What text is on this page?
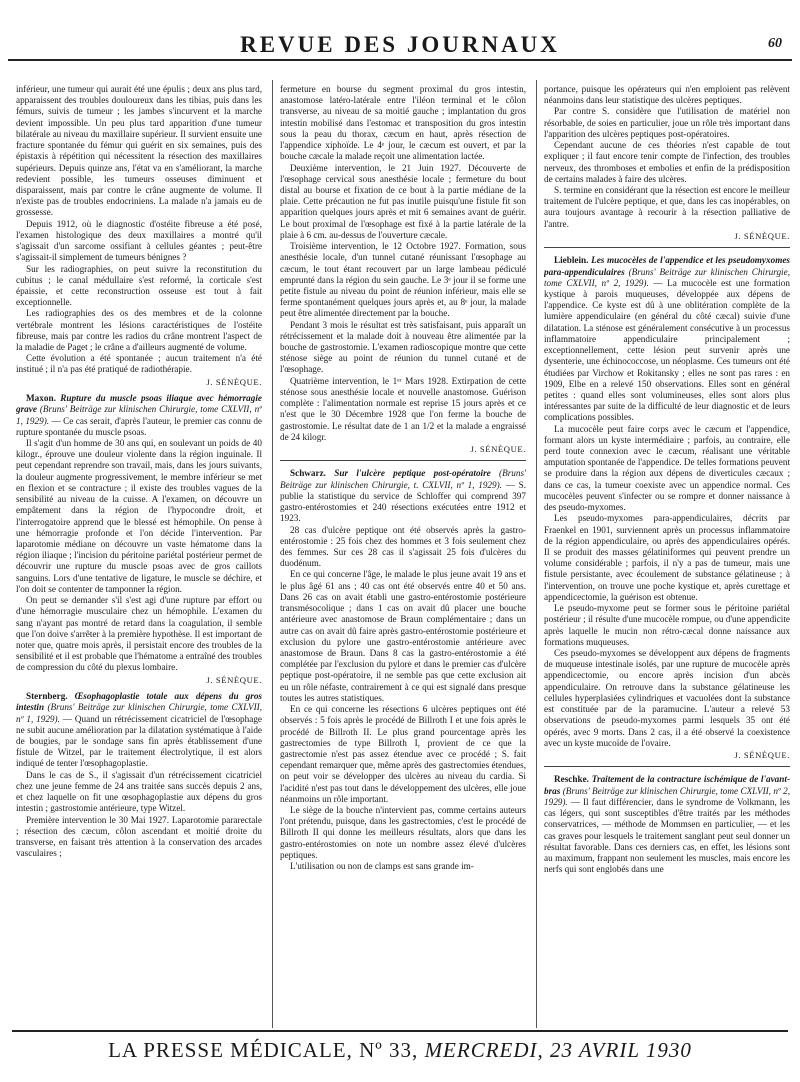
REVUE DES JOURNAUX	60

inférieur, une tumeur qui aurait été une épulis ; deux ans plus tard, apparaissent des troubles douloureux dans les tibias, puis dans les fémurs, suivis de tumeur ; les jambes s'incurvent et la marche devient impossible. Un peu plus tard apparition d'une tumeur bilatérale au niveau du maxillaire supérieur. Il survient ensuite une fracture spontanée du fémur qui guérit en six semaines, puis des épistaxis à répétition qui nécessitent la résection des maxillaires supérieurs. Depuis quinze ans, l'état va en s'améliorant, la marche redevient possible, les tumeurs osseuses diminuent et disparaissent, mais par contre le crâne augmente de volume. Il n'existe pas de troubles endocriniens. La malade n'a jamais eu de grossesse.

Depuis 1912, où le diagnostic d'ostéite fibreuse a été posé, l'examen histologique des deux maxillaires a montré qu'il s'agissait d'un sarcome ossifiant à cellules géantes ; peut-être s'agissait-il simplement de tumeurs bénignes ?

Sur les radiographies, on peut suivre la reconstitution du cubitus ; le canal médullaire s'est reformé, la corticale s'est épaissie, et cette reconstruction osseuse est tout à fait exceptionnelle.

Les radiographies des os des membres et de la colonne vertébrale montrent les lésions caractéristiques de l'ostéite fibreuse, mais par contre les radios du crâne montrent l'aspect de la maladie de Paget ; le crâne a d'ailleurs augmenté de volume.

Cette évolution a été spontanée ; aucun traitement n'a été institué ; il n'a pas été pratiqué de radiothérapie.

J. SÉNÈQUE.

Maxon. Rupture du muscle psoas iliaque avec hémorragie grave (Bruns' Beiträge zur klinischen Chirurgie, tome CXLVII, nº 1, 1929). — Ce cas serait, d'après l'auteur, le premier cas connu de rupture spontanée du muscle psoas.

Il s'agit d'un homme de 30 ans qui, en soulevant un poids de 40 kilogr., éprouve une douleur violente dans la région inguinale. Il peut cependant reprendre son travail, mais, dans les jours suivants, la douleur augmente progressivement, le membre inférieur se met en flexion et se contracture ; il existe des troubles vagues de la sensibilité au niveau de la cuisse. A l'examen, on découvre un empâtement dans la région de l'hypocondre droit, et l'interrogatoire apprend que le blessé est hémophile. On pense à une hémorragie profonde et l'on décide l'intervention. Par laparotomie médiane on découvre un vaste hématome dans la région iliaque ; l'incision du péritoine pariétal postérieur permet de découvrir une rupture du muscle psoas avec de gros caillots sanguins. Lors d'une tentative de ligature, le muscle se déchire, et l'on doit se contenter de tamponner la région.

On peut se demander s'il s'est agi d'une rupture par effort ou d'une hémorragie musculaire chez un hémophile. L'examen du sang n'ayant pas montré de retard dans la coagulation, il semble que l'on doive s'arrêter à la première hypothèse. Il est important de noter que, quatre mois après, il persistait encore des troubles de la sensibilité et il est probable que l'hématome a entraîné des troubles de compression du côté du plexus lombaire.

J. SÉNÈQUE.

Sternberg. Œsophagoplastie totale aux dépens du gros intestin (Bruns' Beiträge zur klinischen Chirurgie, tome CXLVII, nº 1, 1929). — Quand un rétrécissement cicatriciel de l'œsophage ne subit aucune amélioration par la dilatation systématique à l'aide de bougies, par le sondage sans fin après établissement d'une fistule de Witzel, par le traitement électrolytique, il est alors indiqué de tenter l'œsophagoplastie.

Dans le cas de S., il s'agissait d'un rétrécissement cicatriciel chez une jeune femme de 24 ans traitée sans succès depuis 2 ans, et chez laquelle on fit une œsophagoplastie aux dépens du gros intestin ; gastrostomie antérieure, type Witzel.

Première intervention le 30 Mai 1927. Laparotomie pararectale ; résection des cæcum, côlon ascendant et moitié droite du transverse, en faisant très attention à la conservation des arcades vasculaires ;

fermeture en bourse du segment proximal du gros intestin, anastomose latéro-latérale entre l'iléon terminal et le côlon transverse, au niveau de sa moitié gauche ; implantation du gros intestin mobilisé dans l'estomac et transposition du gros intestin sous la peau du thorax, cæcum en haut, après résection de l'appendice xiphoïde. Le 4ᵉ jour, le cæcum est ouvert, et par la bouche cæcale la malade reçoit une alimentation lactée.

Deuxième intervention, le 21 Juin 1927. Découverte de l'œsophage cervical sous anesthésie locale ; fermeture du bout distal au bourse et fixation de ce bout à la partie médiane de la plaie. Cette précaution ne fut pas inutile puisqu'une fistule fit son apparition quelques jours après et mit 6 semaines avant de guérir. Le bout proximal de l'œsophage est fixé à la partie latérale de la plaie à 6 cm. au-dessus de l'ouverture cæcale.

Troisième intervention, le 12 Octobre 1927. Formation, sous anesthésie locale, d'un tunnel cutané réunissant l'œsophage au cæcum, le tout étant recouvert par un large lambeau pédiculé emprunté dans la région du sein gauche. Le 3ᵉ jour il se forme une petite fistule au niveau du point de réunion inférieur, mais elle se ferme spontanément quelques jours après et, au 8ᵉ jour, la malade peut être alimentée directement par la bouche.

Pendant 3 mois le résultat est très satisfaisant, puis apparaît un rétrécissement et la malade doit à nouveau être alimentée par la bouche de gastrostomie. L'examen radioscopique montre que cette sténose siège au point de réunion du tunnel cutané et de l'œsophage.

Quatrième intervention, le 1ᵉʳ Mars 1928. Extirpation de cette sténose sous anesthésie locale et nouvelle anastomose. Guérison complète : l'alimentation normale est reprise 15 jours après et ce n'est que le 30 Décembre 1928 que l'on ferme la bouche de gastrostomie. Le résultat date de 1 an 1/2 et la malade a engraissé de 24 kilogr.

J. SÉNÈQUE.

Schwarz. Sur l'ulcère peptique post-opératoire (Bruns' Beiträge zur klinischen Chirurgie, t. CXLVII, nº 1, 1929). — S. publie la statistique du service de Schloffer qui comprend 397 gastro-entérostomies et 240 résections exécutées entre 1912 et 1923.

28 cas d'ulcère peptique ont été observés après la gastro-entérostomie : 25 fois chez des hommes et 3 fois seulement chez des femmes. Sur ces 28 cas il s'agissait 25 fois d'ulcères du duodénum.

En ce qui concerne l'âge, le malade le plus jeune avait 19 ans et le plus âgé 61 ans ; 40 cas ont été observés entre 40 et 50 ans. Dans 26 cas on avait établi une gastro-entérostomie postérieure transmésocolique ; dans 1 cas on avait dû placer une bouche antérieure avec anastomose de Braun complémentaire ; dans un autre cas on avait dû faire après gastro-entérostomie postérieure et exclusion du pylore une gastro-entérostomie antérieure avec anastomose de Braun. Dans 8 cas la gastro-entérostomie a été complétée par l'exclusion du pylore et dans le premier cas d'ulcère peptique post-opératoire, il ne semble pas que cette exclusion ait eu un rôle néfaste, contrairement à ce qui est signalé dans presque toutes les autres statistiques.

En ce qui concerne les résections 6 ulcères peptiques ont été observés : 5 fois après le procédé de Billroth I et une fois après le procédé de Billroth II. Le plus grand pourcentage après les gastrectomies de type Billroth I, provient de ce que la gastrectomie n'est pas assez étendue avec ce procédé ; S. fait cependant remarquer que, même après des gastrectomies étendues, on peut voir se développer des ulcères au niveau du cardia. Si l'acidité n'est pas tout dans le développement des ulcères, elle joue néanmoins un rôle important.

Le siège de la bouche n'intervient pas, comme certains auteurs l'ont prétendu, puisque, dans les gastrectomies, c'est le procédé de Billroth II qui donne les meilleurs résultats, alors que dans les gastro-entérostomies on note un nombre assez élevé d'ulcères peptiques.

L'utilisation ou non de clamps est sans grande im-

portance, puisque les opérateurs qui n'en emploient pas relèvent néanmoins dans leur statistique des ulcères peptiques.

Par contre S. considère que l'utilisation de matériel non résorbable, de soies en particulier, joue un rôle très important dans l'apparition des ulcères peptiques post-opératoires.

Cependant aucune de ces théories n'est capable de tout expliquer ; il faut encore tenir compte de l'infection, des troubles nerveux, des thromboses et embolies et enfin de la prédisposition de certains malades à faire des ulcères.

S. termine en considérant que la résection est encore le meilleur traitement de l'ulcère peptique, et que, dans les cas inopérables, on aura toujours avantage à recourir à la résection palliative de l'antre.

J. SÉNÈQUE.

Lieblein. Les mucocèles de l'appendice et les pseudomyxomes para-appendiculaires (Bruns' Beiträge zur klinischen Chirurgie, tome CXLVII, nº 2, 1929). — La mucocèle est une formation kystique à parois muqueuses, développée aux dépens de l'appendice. Ce kyste est dû à une oblitération complète de la lumière appendiculaire (en général du côté cæcal) suivie d'une dilatation. La sténose est généralement consécutive à un processus inflammatoire appendiculaire principalement ; exceptionnellement, cette lésion peut survenir après une dysenterie, une échinococcose, un néoplasme. Ces tumeurs ont été étudiées par Virchow et Rokitansky ; elles ne sont pas rares : en 1909, Elbe en a relevé 150 observations. Elles sont en général petites : quand elles sont volumineuses, elles sont alors plus intéressantes par suite de la difficulté de leur diagnostic et de leurs complications possibles.

La mucocèle peut faire corps avec le cæcum et l'appendice, formant alors un kyste intermédiaire ; parfois, au contraire, elle perd toute connexion avec le cæcum, réalisant une véritable amputation spontanée de l'appendice. De telles formations peuvent se produire dans la région aux dépens de diverticules cæcaux ; dans ce cas, la tumeur coexiste avec un appendice normal. Ces mucocèles peuvent s'infecter ou se rompre et donner naissance à des pseudo-myxomes.

Les pseudo-myxomes para-appendiculaires, décrits par Fraenkel en 1901, surviennent après un processus inflammatoire de la région appendiculaire, ou après des appendiculaires opérés. Il se produit des masses gélatiniformes qui peuvent prendre un volume considérable ; parfois, il n'y a pas de tumeur, mais une fistule persistante, avec écoulement de substance gélatineuse ; à l'intervention, on trouve une poche kystique et, après curettage et appendicectomie, la guérison est obtenue.

Le pseudo-myxome peut se former sous le péritoine pariétal postérieur ; il résulte d'une mucocèle rompue, ou d'une appendicite après laquelle le mucin non rétro-cæcal donne naissance aux formations muqueuses.

Ces pseudo-myxomes se développent aux dépens de fragments de muqueuse intestinale isolés, par une rupture de mucocèle après appendicectomie, ou encore après incision d'un abcès appendiculaire. On retrouve dans la substance gélatineuse les cellules hyperplasiées cylindriques et vacuolées dont la substance est constituée par de la paramucine. L'auteur a relevé 53 observations de pseudo-myxomes parmi lesquels 35 ont été opérés, avec 9 morts. Dans 2 cas, il a été observé la coexistence avec un kyste mucoïde de l'ovaire.

J. SÉNÈQUE.

Reschke. Traitement de la contracture ischémique de l'avant-bras (Bruns' Beiträge zur klinischen Chirurgie, tome CXLVII, nº 2, 1929). — Il faut différencier, dans le syndrome de Volkmann, les cas légers, qui sont susceptibles d'être traités par les méthodes conservatrices, — méthode de Mommsen en particulier, — et les cas graves pour lesquels le traitement sanglant peut seul donner un résultat favorable. Dans ces derniers cas, en effet, les lésions sont au maximum, frappant non seulement les muscles, mais encore les nerfs qui sont englobés dans une

LA PRESSE MÉDICALE, Nº 33, MERCREDI, 23 AVRIL 1930
